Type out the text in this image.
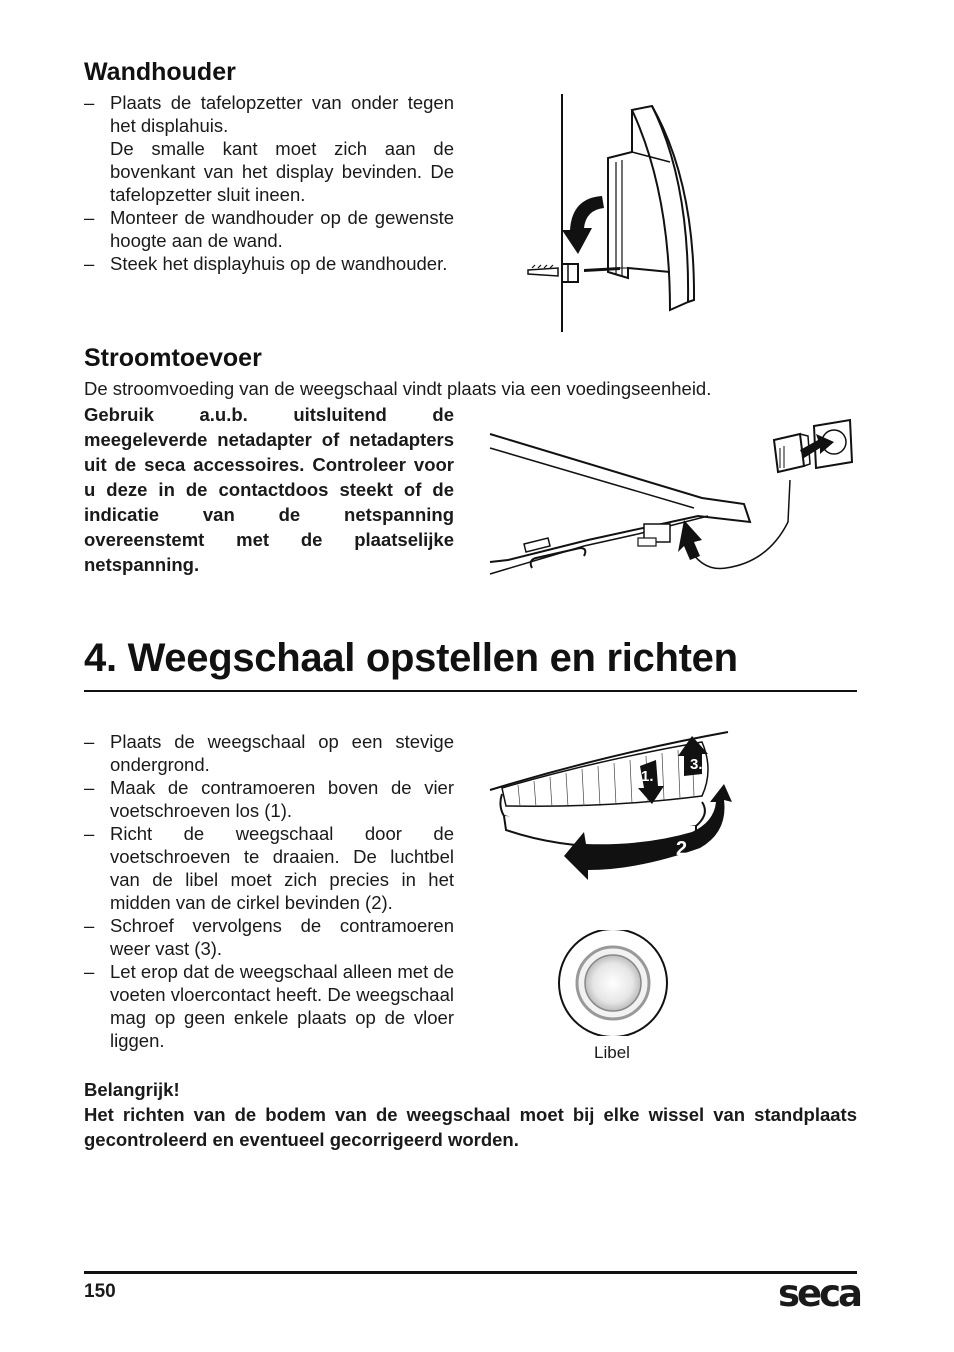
Wandhouder
– Plaats de tafelopzetter van onder tegen het displahuis.
De smalle kant moet zich aan de bovenkant van het display bevinden. De tafelopzetter sluit ineen.
– Monteer de wandhouder op de gewenste hoogte aan de wand.
– Steek het displayhuis op de wandhouder.
Stroomtoevoer
De stroomvoeding van de weegschaal vindt plaats via een voedingseenheid.
Gebruik a.u.b. uitsluitend de meegeleverde netadapter of netadapters uit de seca accessoires. Controleer voor u deze in de contactdoos steekt of de indicatie van de netspanning overeenstemt met de plaatselijke netspanning.
4. Weegschaal opstellen en richten
– Plaats de weegschaal op een stevige ondergrond.
– Maak de contramoeren boven de vier voetschroeven los (1).
– Richt de weegschaal door de voetschroeven te draaien. De luchtbel van de libel moet zich precies in het midden van de cirkel bevinden (2).
– Schroef vervolgens de contramoeren weer vast (3).
– Let erop dat de weegschaal alleen met de voeten vloercontact heeft. De weegschaal mag op geen enkele plaats op de vloer liggen.
1.
3.
2.
Libel
Belangrijk!
Het richten van de bodem van de weegschaal moet bij elke wissel van standplaats gecontroleerd en eventueel gecorrigeerd worden.
150	seca
